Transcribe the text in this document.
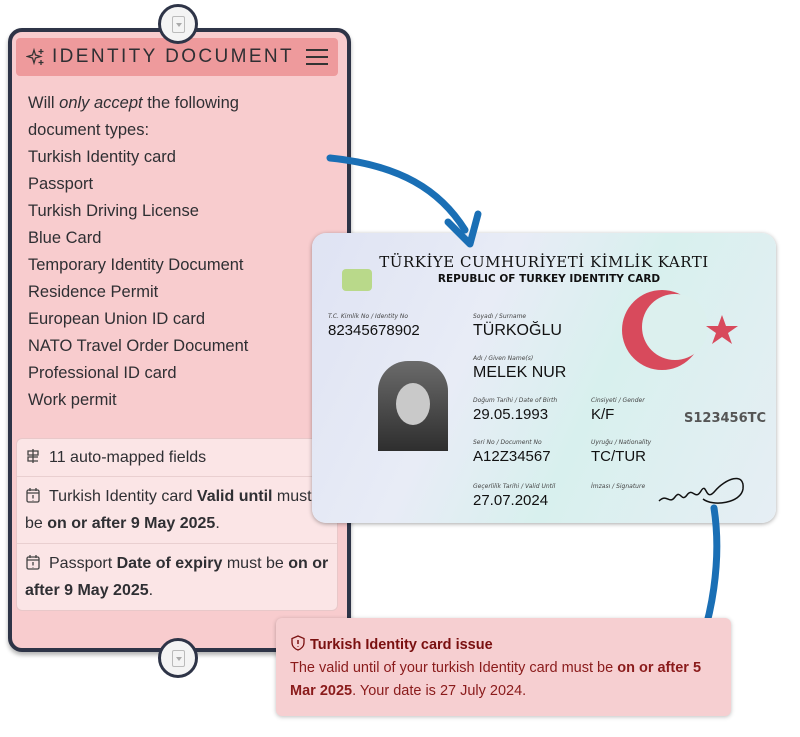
IDENTITY DOCUMENT
Will only accept the following
document types:
Turkish Identity card
Passport
Turkish Driving License
Blue Card
Temporary Identity Document
Residence Permit
European Union ID card
NATO Travel Order Document
Professional ID card
Work permit
11 auto-mapped fields
Turkish Identity card Valid until must be on or after 9 May 2025.
Passport Date of expiry must be on or after 9 May 2025.
TÜRKİYE CUMHURİYETİ KİMLİK KARTI
REPUBLIC OF TURKEY IDENTITY CARD
T.C. Kimlik No / Identity No
82345678902
Soyadı / Surname
TÜRKOĞLU
Adı / Given Name(s)
MELEK NUR
Doğum Tarihi / Date of Birth
29.05.1993
Cinsiyeti / Gender
K/F	S123456TC
Seri No / Document No
A12Z34567
Uyruğu / Nationality
TC/TUR
Geçerlilik Tarihi / Valid Until
27.07.2024
İmzası / Signature
Turkish Identity card issue
The valid until of your turkish Identity card must be on or after 5 Mar 2025. Your date is 27 July 2024.
